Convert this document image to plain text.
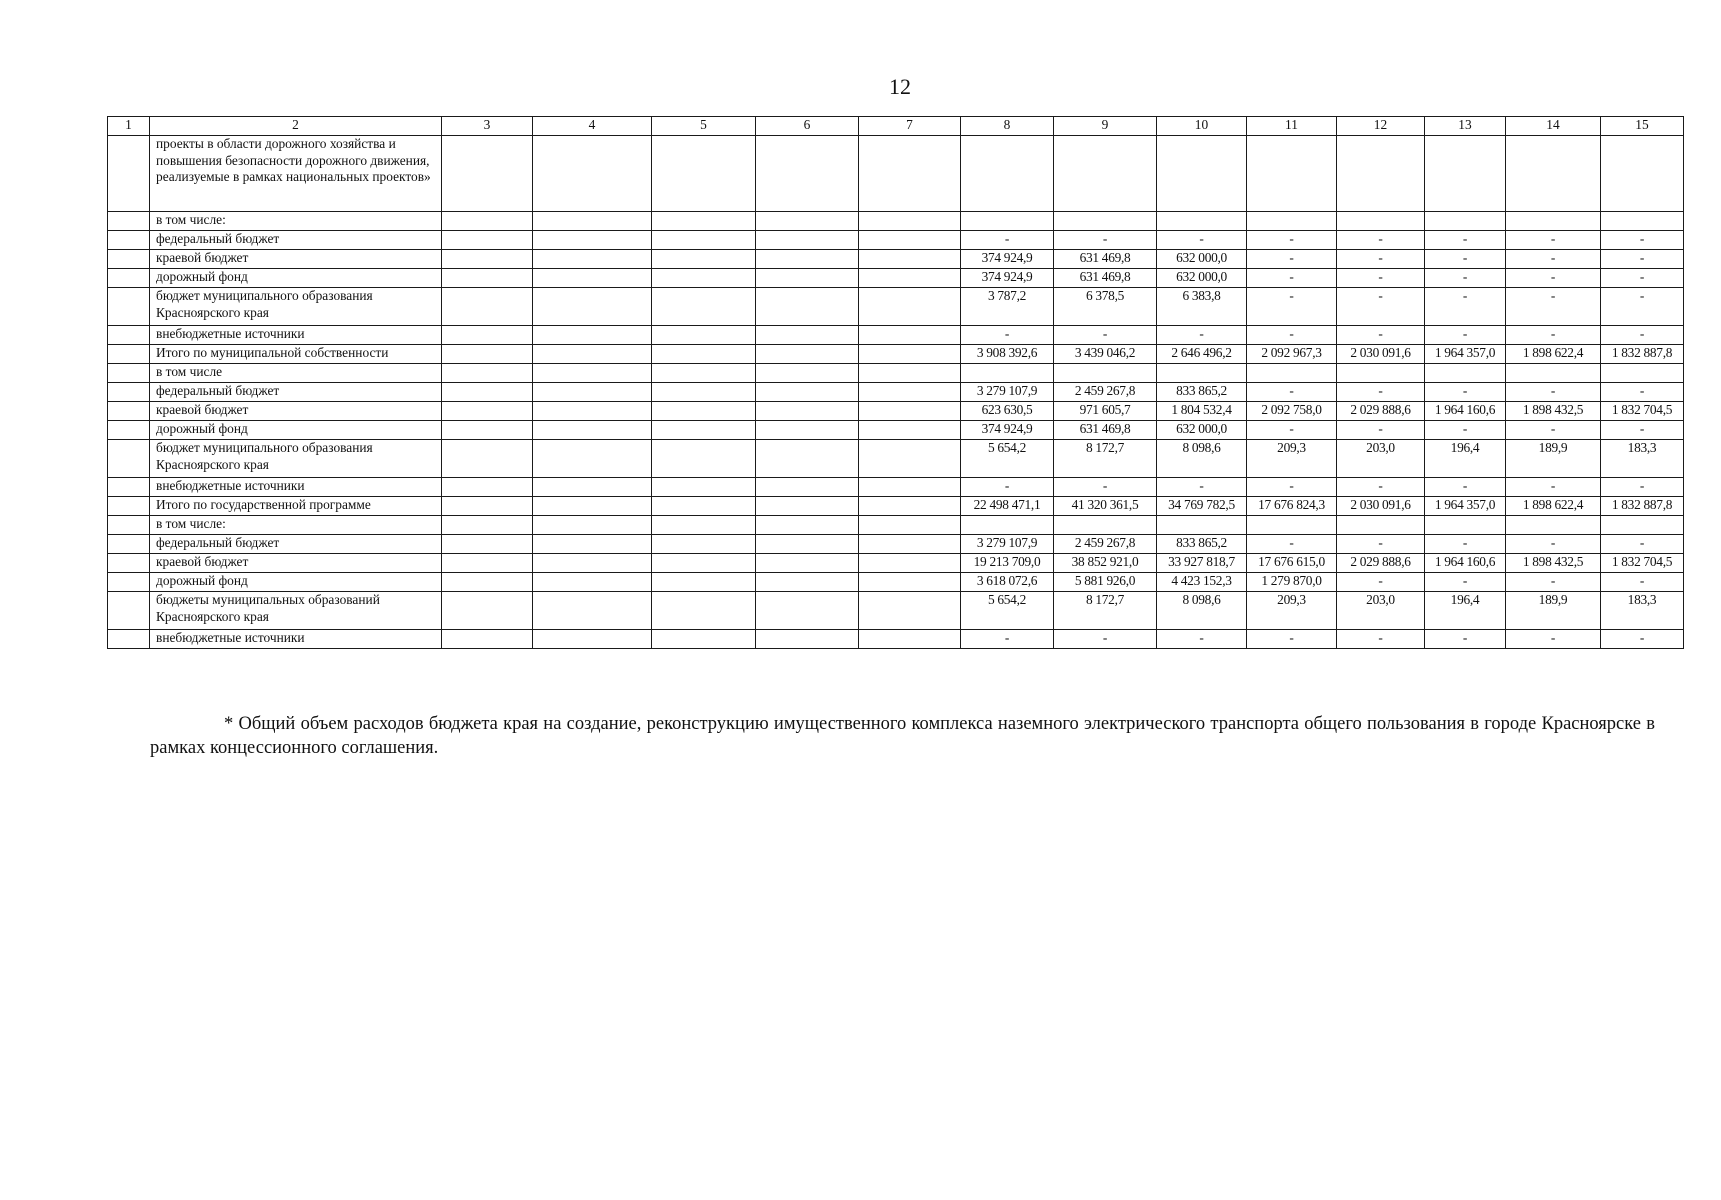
12
1	2	3	4	5	6	7	8	9	10	11	12	13	14	15
	проекты в области дорожного хозяйства и повышения безопасности дорожного движения, реализуемые в рамках национальных проектов»													
	в том числе:													
	федеральный бюджет						-	-	-	-	-	-	-	-
	краевой бюджет						374 924,9	631 469,8	632 000,0	-	-	-	-	-
	дорожный фонд						374 924,9	631 469,8	632 000,0	-	-	-	-	-
	бюджет муниципального образования Красноярского края						3 787,2	6 378,5	6 383,8	-	-	-	-	-
	внебюджетные источники						-	-	-	-	-	-	-	-
	Итого по муниципальной собственности						3 908 392,6	3 439 046,2	2 646 496,2	2 092 967,3	2 030 091,6	1 964 357,0	1 898 622,4	1 832 887,8
	в том числе													
	федеральный бюджет						3 279 107,9	2 459 267,8	833 865,2	-	-	-	-	-
	краевой бюджет						623 630,5	971 605,7	1 804 532,4	2 092 758,0	2 029 888,6	1 964 160,6	1 898 432,5	1 832 704,5
	дорожный фонд						374 924,9	631 469,8	632 000,0	-	-	-	-	-
	бюджет муниципального образования Красноярского края						5 654,2	8 172,7	8 098,6	209,3	203,0	196,4	189,9	183,3
	внебюджетные источники						-	-	-	-	-	-	-	-
	Итого по государственной программе						22 498 471,1	41 320 361,5	34 769 782,5	17 676 824,3	2 030 091,6	1 964 357,0	1 898 622,4	1 832 887,8
	в том числе:													
	федеральный бюджет						3 279 107,9	2 459 267,8	833 865,2	-	-	-	-	-
	краевой бюджет						19 213 709,0	38 852 921,0	33 927 818,7	17 676 615,0	2 029 888,6	1 964 160,6	1 898 432,5	1 832 704,5
	дорожный фонд						3 618 072,6	5 881 926,0	4 423 152,3	1 279 870,0	-	-	-	-
	бюджеты муниципальных образований Красноярского края						5 654,2	8 172,7	8 098,6	209,3	203,0	196,4	189,9	183,3
	внебюджетные источники						-	-	-	-	-	-	-	-
* Общий объем расходов бюджета края на создание, реконструкцию имущественного комплекса наземного электрического транспорта общего пользования в городе Красноярске в рамках концессионного соглашения.
